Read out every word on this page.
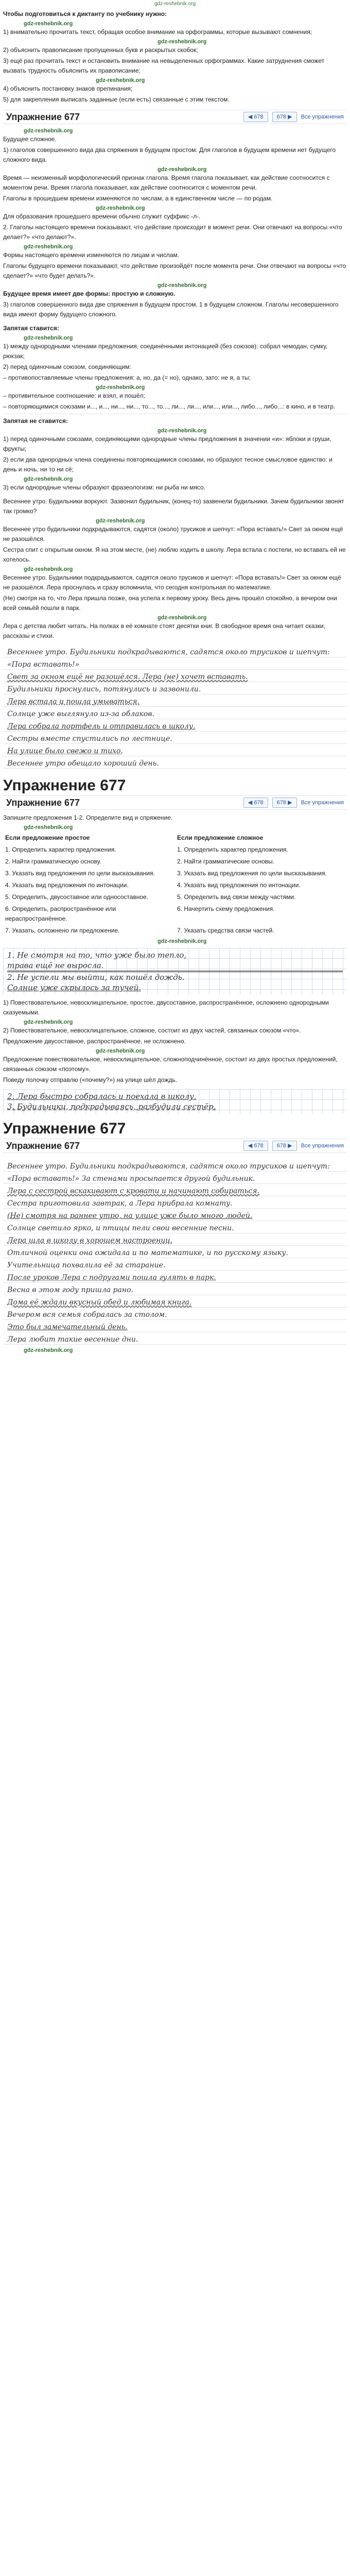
gdz-reshebnik.org

Чтобы подготовиться к диктанту по учебнику нужно:

gdz-reshebnik.org

1) внимательно прочитать текст, обращая особое внимание на орфограммы, которые вызывают сомнения;

gdz-reshebnik.org

2) объяснить правописание пропущенных букв и раскрытых скобок;

3) ещё раз прочитать текст и остановить внимание на невыделенных орфограммах. Какие затруднения сможет вызвать трудность объяснить их правописание;

gdz-reshebnik.org

4) объяснить постановку знаков препинания;

5) для закрепления выписать заданные (если есть) связанные с этим текстом.

Упражнение 677	◀ 678	678 ▶	Все упражнения
gdz-reshebnik.org

Будущее сложное.

1) глаголов совершенного вида два спряжения в будущем простом. Для глаголов в будущем времени нет будущего сложного вида.

gdz-reshebnik.org

Время — неизменный морфологический признак глагола. Время глагола показывает, как действие соотносится с моментом речи. Время глагола показывает, как действие соотносится с моментом речи.

Глаголы в прошедшем времени изменяются по числам, а в единственном числе — по родам.

gdz-reshebnik.org

Для образования прошедшего времени обычно служит суффикс -л-.

2. Глаголы настоящего времени показывают, что действие происходит в момент речи. Они отвечают на вопросы «что делает?» «что делают?».

gdz-reshebnik.org

Формы настоящего времени изменяются по лицам и числам.

Глаголы будущего времени показывают, что действие произойдёт после момента речи. Они отвечают на вопросы «что сделает?» «что будет делать?».

gdz-reshebnik.org

Будущее время имеет две формы: простую и сложную.

3) глаголов совершенного вида две спряжения в будущем простом, 1 в будущем сложном. Глаголы несовершенного вида имеют форму будущего сложного.

Запятая ставится:

gdz-reshebnik.org

1) между однородными членами предложения, соединёнными интонацией (без союзов): собрал чемодан, сумку, рюкзак;

2) перед одиночным союзом, соединяющим:

– противопоставляемые члены предложения: а, но, да (= но), однако, зато: не я, а ты;

gdz-reshebnik.org

– противительное соотношение: и взял, и пошёл;

– повторяющимися союзами и..., и..., ни..., ни..., то..., то..., ли..., ли..., или..., или..., либо..., либо...: в кино, и в театр.

Запятая не ставится:

gdz-reshebnik.org

1) перед одиночными союзами, соединяющими однородные члены предложения в значении «и»: яблоки и груши, фрукты;

2) если два однородных члена соединены повторяющимися союзами, но образуют тесное смысловое единство: и день и ночь, ни то ни сё;

gdz-reshebnik.org

3) если однородные члены образуют фразеологизм: ни рыба ни мясо.

Весеннее утро. Будильники воркуют. Зазвонил будильник, (конец-то) зазвенели будильники. Зачем будильники звонят так громко?

gdz-reshebnik.org

Весеннее утро будильники подкрадываются, садятся (около) трусиков и шепчут: «Пора вставать!» Свет за окном ещё не разошёлся.

Сестра спит с открытым окном. Я на этом месте, (не) люблю ходить в школу. Лера встала с постели, но вставать ей не хотелось.

gdz-reshebnik.org

Весеннее утро. Будильники подкрадываются, садятся около трусиков и шепчут: «Пора вставать!» Свет за окном ещё не разошёлся. Лера проснулась и сразу вспомнила, что сегодня контрольная по математике.

(Не) смотря на то, что Лера пришла позже, она успела к первому уроку. Весь день прошёл спокойно, а вечером они всей семьёй пошли в парк.

gdz-reshebnik.org

Лера с детства любит читать. На полках в её комнате стоят десятки книг. В свободное время она читает сказки, рассказы и стихи.

Весеннее утро. Будильники подкрадываются, садятся около трусиков и шепчут: «Пора вставать!»
Свет за окном ещё не разошёлся. Лера (не) хочет вставать.
Будильники проснулись, потянулись и зазвонили.
Лера встала и пошла умываться.
Солнце уже выглянуло из-за облаков.
Лера собрала портфель и отправилась в школу.
Сестры вместе спустились по лестнице.
На улице было свежо и тихо.
Весеннее утро обещало хороший день.
Упражнение 677
Упражнение 677	◀ 678	678 ▶	Все упражнения

Запишите предложения 1-2. Определите вид и спряжение.

gdz-reshebnik.org
Если предложение простое	Если предложение сложное
1. Определить характер предложения.	1. Определить характер предложения.
2. Найти грамматическую основу.	2. Найти грамматические основы.
3. Указать вид предложения по цели высказывания.	3. Указать вид предложения по цели высказывания.
4. Указать вид предложения по интонации.	4. Указать вид предложения по интонации.
5. Определить, двусоставное или односоставное.	5. Определить вид связи между частями.
6. Определить, распространённое или нераспространённое.	6. Начертить схему предложения.
7. Указать, осложнено ли предложение.	7. Указать средства связи частей.
gdz-reshebnik.org
1. Не смотря на то, что уже было тепло,
трава ещё не выросла.
2. Не успели мы выйти, как пошёл дождь.
Солнце уже скрылось за тучей.

1) Повествовательное, невосклицательное, простое, двусоставное, распространённое, осложнено однородными сказуемыми.

gdz-reshebnik.org

2) Повествовательное, невосклицательное, сложное, состоит из двух частей, связанных союзом «что».

Предложение двусоставное, распространённое, не осложнено.

gdz-reshebnik.org

Предложение повествовательное, невосклицательное, сложноподчинённое, состоит из двух простых предложений, связанных союзом «поэтому».

Поведу полочку отправлю («почему?») на улице шёл дождь.

2. Лера быстро собралась и поехала в школу.
3. Будильники, подкрадываясь, разбудили сестёр.
Упражнение 677
Упражнение 677	◀ 678	678 ▶	Все упражнения
Весеннее утро. Будильники подкрадываются, садятся около трусиков и шепчут: «Пора вставать!» За стенами просыпается другой будильник.
Лера с сестрой вскакивают с кровати и начинают собираться.
Сестра приготовила завтрак, а Лера прибрала комнату.
(Не) смотря на раннее утро, на улице уже было много людей.
Солнце светило ярко, и птицы пели свои весенние песни.
Лера шла в школу в хорошем настроении.
Отличной оценки она ожидала и по математике, и по русскому языку.
Учительница похвалила её за старание.
После уроков Лера с подругами пошла гулять в парк.
Весна в этом году пришла рано.
Дома её ждали вкусный обед и любимая книга.
Вечером вся семья собралась за столом.
Это был замечательный день.
Лера любит такие весенние дни.
gdz-reshebnik.org
